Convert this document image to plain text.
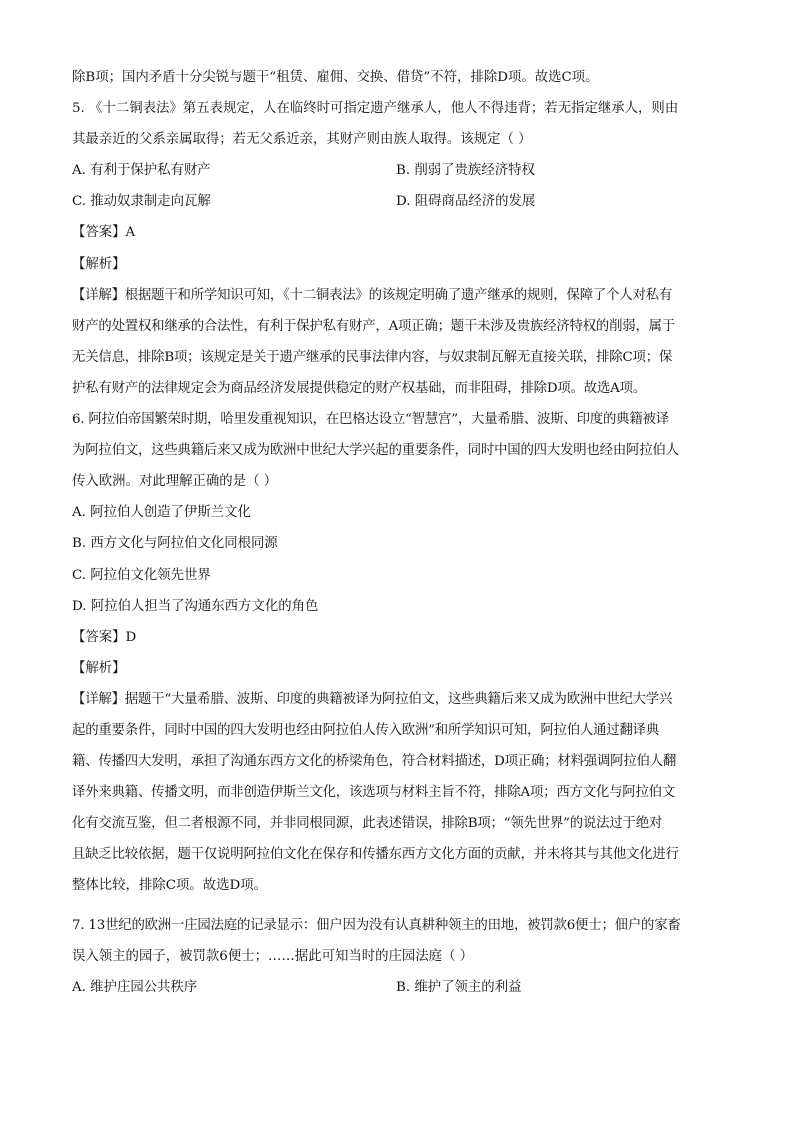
除B项；国内矛盾十分尖锐与题干“租赁、雇佣、交换、借贷”不符，排除D项。故选C项。
5. 《十二铜表法》第五表规定，人在临终时可指定遗产继承人，他人不得违背；若无指定继承人，则由
其最亲近的父系亲属取得；若无父系近亲，其财产则由族人取得。该规定（ ）
A. 有利于保护私有财产	B. 削弱了贵族经济特权
C. 推动奴隶制走向瓦解	D. 阻碍商品经济的发展
【答案】A
【解析】
【详解】根据题干和所学知识可知，《十二铜表法》的该规定明确了遗产继承的规则，保障了个人对私有
财产的处置权和继承的合法性，有利于保护私有财产，A项正确；题干未涉及贵族经济特权的削弱，属于
无关信息，排除B项；该规定是关于遗产继承的民事法律内容，与奴隶制瓦解无直接关联，排除C项；保
护私有财产的法律规定会为商品经济发展提供稳定的财产权基础，而非阻碍，排除D项。故选A项。
6. 阿拉伯帝国繁荣时期，哈里发重视知识，在巴格达设立“智慧宫”，大量希腊、波斯、印度的典籍被译
为阿拉伯文，这些典籍后来又成为欧洲中世纪大学兴起的重要条件，同时中国的四大发明也经由阿拉伯人
传入欧洲。对此理解正确的是（ ）
A. 阿拉伯人创造了伊斯兰文化
B. 西方文化与阿拉伯文化同根同源
C. 阿拉伯文化领先世界
D. 阿拉伯人担当了沟通东西方文化的角色
【答案】D
【解析】
【详解】据题干“大量希腊、波斯、印度的典籍被译为阿拉伯文，这些典籍后来又成为欧洲中世纪大学兴
起的重要条件，同时中国的四大发明也经由阿拉伯人传入欧洲”和所学知识可知，阿拉伯人通过翻译典
籍、传播四大发明，承担了沟通东西方文化的桥梁角色，符合材料描述，D项正确；材料强调阿拉伯人翻
译外来典籍、传播文明，而非创造伊斯兰文化，该选项与材料主旨不符，排除A项；西方文化与阿拉伯文
化有交流互鉴，但二者根源不同，并非同根同源，此表述错误，排除B项；“领先世界”的说法过于绝对
且缺乏比较依据，题干仅说明阿拉伯文化在保存和传播东西方文化方面的贡献，并未将其与其他文化进行
整体比较，排除C项。故选D项。
7. 13世纪的欧洲一庄园法庭的记录显示：佃户因为没有认真耕种领主的田地，被罚款6便士；佃户的家畜
误入领主的园子，被罚款6便士；……据此可知当时的庄园法庭（ ）
A. 维护庄园公共秩序	B. 维护了领主的利益
